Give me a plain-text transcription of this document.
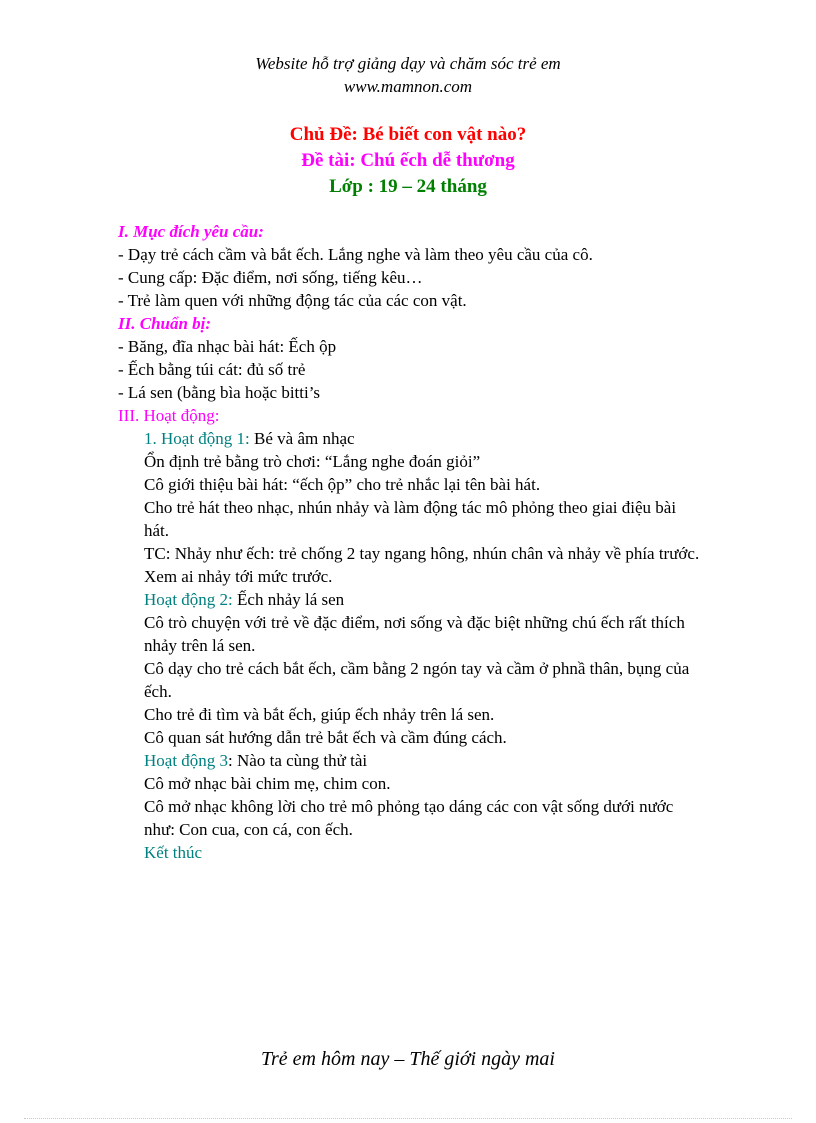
Website hỗ trợ giảng dạy và chăm sóc trẻ em
www.mamnon.com
Chủ Đề: Bé biết con vật nào?
Đề tài: Chú ếch dễ thương
Lớp : 19 – 24 tháng
I. Mục đích yêu cầu:
- Dạy trẻ cách cầm và bắt ếch. Lắng nghe và làm theo yêu cầu của cô.
- Cung cấp: Đặc điểm, nơi sống, tiếng kêu…
- Trẻ làm quen với những động tác của các con vật.
II. Chuẩn bị:
- Băng, đĩa nhạc bài hát: Ếch ộp
- Ếch bằng túi cát: đủ số trẻ
- Lá sen (bằng bìa hoặc bitti’s
III. Hoạt động:
1. Hoạt động 1: Bé và âm nhạc
Ổn định trẻ bằng trò chơi: “Lắng nghe đoán giỏi”
Cô giới thiệu bài hát: “ếch ộp” cho trẻ nhắc lại tên bài hát.
Cho trẻ hát theo nhạc, nhún nhảy và làm động tác mô phỏng theo giai điệu bài hát.
TC: Nhảy như ếch: trẻ chống 2 tay ngang hông, nhún chân và nhảy về phía trước. Xem ai nhảy tới mức trước.
Hoạt động 2: Ếch nhảy lá sen
Cô trò chuyện với trẻ về đặc điểm, nơi sống và đặc biệt những chú ếch rất thích nhảy trên lá sen.
Cô dạy cho trẻ cách bắt ếch, cầm bằng 2 ngón tay và cầm ở phnầ thân, bụng của ếch.
Cho trẻ đi tìm và bắt ếch, giúp ếch nhảy trên lá sen.
Cô quan sát hướng dẫn trẻ bắt ếch và cầm đúng cách.
Hoạt động 3: Nào ta cùng thử tài
Cô mở nhạc bài chim mẹ, chim con.
Cô mở nhạc không lời cho trẻ mô phỏng tạo dáng các con vật sống dưới nước như: Con cua, con cá, con ếch.
Kết thúc
Trẻ em hôm nay – Thế giới ngày mai
